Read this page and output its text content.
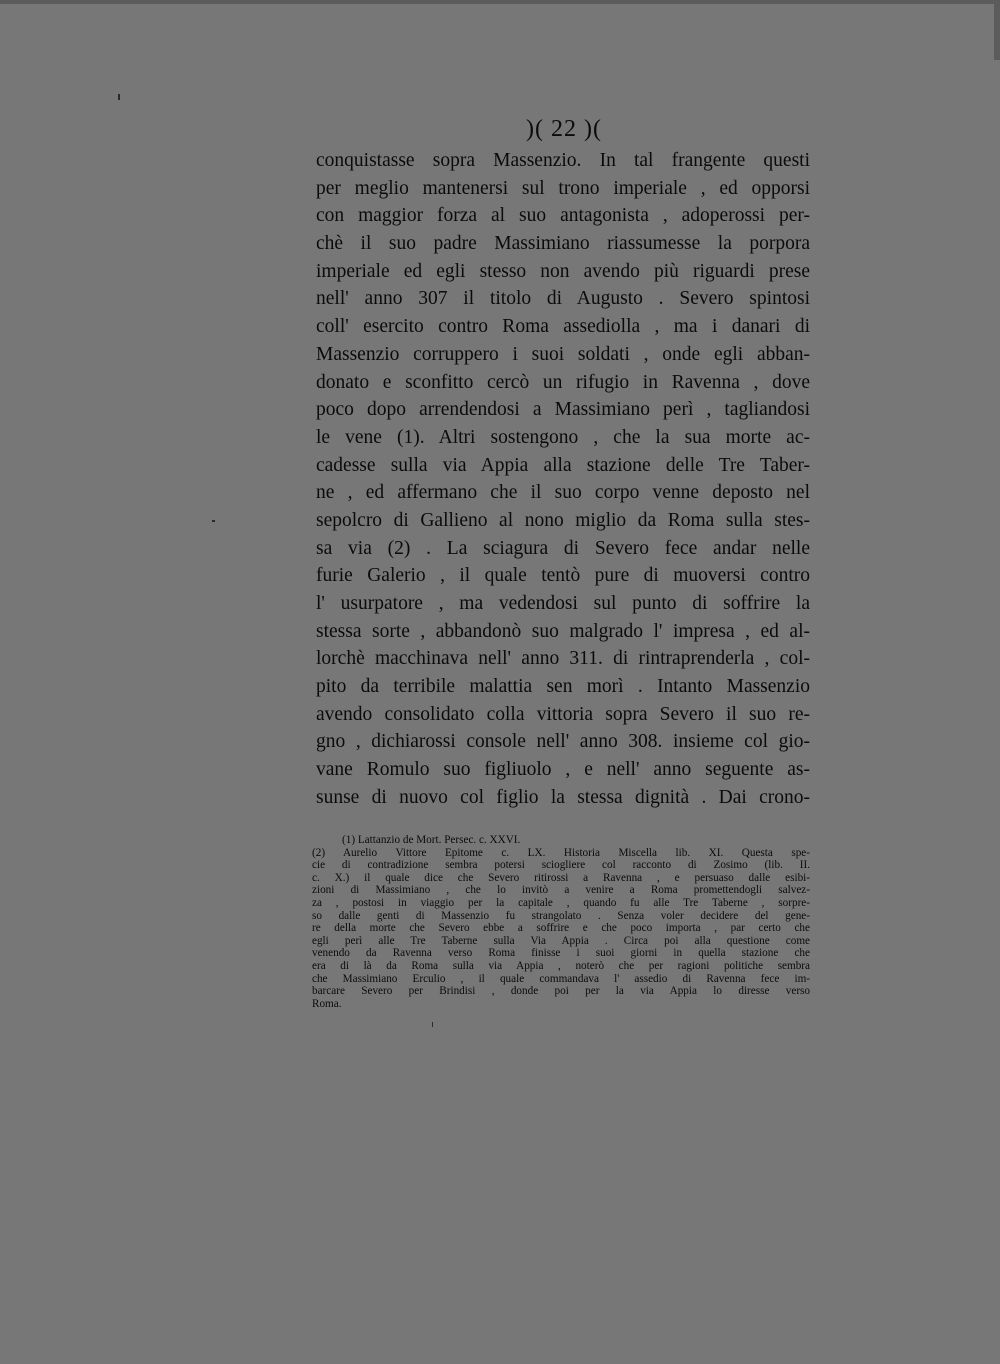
)( 22 )(
conquistasse sopra Massenzio. In tal frangente questi
per meglio mantenersi sul trono imperiale , ed opporsi
con maggior forza al suo antagonista , adoperossi per-
chè il suo padre Massimiano riassumesse la porpora
imperiale ed egli stesso non avendo più riguardi prese
nell' anno 307 il titolo di Augusto . Severo spintosi
coll' esercito contro Roma assediolla , ma i danari di
Massenzio corruppero i suoi soldati , onde egli abban-
donato e sconfitto cercò un rifugio in Ravenna , dove
poco dopo arrendendosi a Massimiano perì , tagliandosi
le vene (1). Altri sostengono , che la sua morte ac-
cadesse sulla via Appia alla stazione delle Tre Taber-
ne , ed affermano che il suo corpo venne deposto nel
sepolcro di Gallieno al nono miglio da Roma sulla stes-
sa via (2) . La sciagura di Severo fece andar nelle
furie Galerio , il quale tentò pure di muoversi contro
l' usurpatore , ma vedendosi sul punto di soffrire la
stessa sorte , abbandonò suo malgrado l' impresa , ed al-
lorchè macchinava nell' anno 311. di rintraprenderla , col-
pito da terribile malattia sen morì . Intanto Massenzio
avendo consolidato colla vittoria sopra Severo il suo re-
gno , dichiarossi console nell' anno 308. insieme col gio-
vane Romulo suo figliuolo , e nell' anno seguente as-
sunse di nuovo col figlio la stessa dignità . Dai crono-
(1) Lattanzio de Mort. Persec. c. XXVI.
(2) Aurelio Vittore Epitome c. LX. Historia Miscella lib. XI. Questa spe-
cie di contradizione sembra potersi sciogliere col racconto di Zosimo (lib. II.
c. X.) il quale dice che Severo ritirossi a Ravenna , e persuaso dalle esibi-
zioni di Massimiano , che lo invitò a venire a Roma promettendogli salvez-
za , postosi in viaggio per la capitale , quando fu alle Tre Taberne , sorpre-
so dalle genti di Massenzio fu strangolato . Senza voler decidere del gene-
re della morte che Severo ebbe a soffrire e che poco importa , par certo che
egli perì alle Tre Taberne sulla Via Appia . Circa poi alla questione come
venendo da Ravenna verso Roma finisse i suoi giorni in quella stazione che
era di là da Roma sulla via Appia , noterò che per ragioni politiche sembra
che Massimiano Erculio , il quale commandava l' assedio di Ravenna fece im-
barcare Severo per Brindisi , donde poi per la via Appia lo diresse verso
Roma.
